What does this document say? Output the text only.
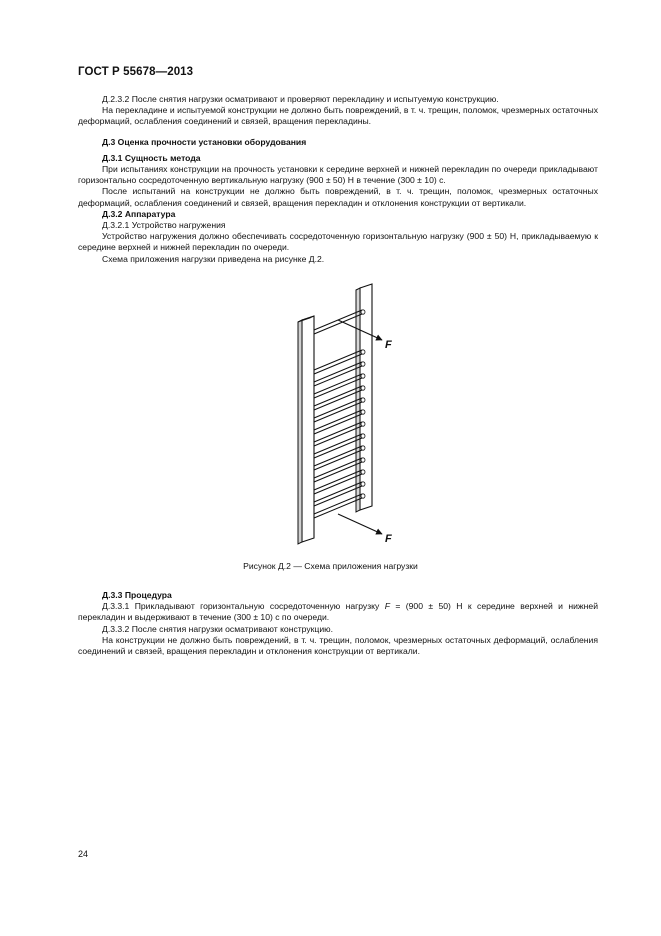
ГОСТ Р 55678—2013

Д.2.3.2 После снятия нагрузки осматривают и проверяют перекладину и испытуемую конструкцию.

На перекладине и испытуемой конструкции не должно быть повреждений, в т. ч. трещин, поломок, чрезмерных остаточных деформаций, ослабления соединений и связей, вращения перекладины.

Д.3 Оценка прочности установки оборудования

Д.3.1 Сущность метода

При испытаниях конструкции на прочность установки к середине верхней и нижней перекладин по очереди прикладывают горизонтально сосредоточенную вертикальную нагрузку (900 ± 50) Н в течение (300 ± 10) с.

После испытаний на конструкции не должно быть повреждений, в т. ч. трещин, поломок, чрезмерных остаточных деформаций, ослабления соединений и связей, вращения перекладин и отклонения конструкции от вертикали.

Д.3.2 Аппаратура

Д.3.2.1 Устройство нагружения

Устройство нагружения должно обеспечивать сосредоточенную горизонтальную нагрузку (900 ± 50) Н, прикладываемую к середине верхней и нижней перекладин по очереди.

Схема приложения нагрузки приведена на рисунке Д.2.

F
F
Рисунок Д.2 — Схема приложения нагрузки

Д.3.3 Процедура

Д.3.3.1 Прикладывают горизонтальную сосредоточенную нагрузку F = (900 ± 50) Н к середине верхней и нижней перекладин и выдерживают в течение (300 ± 10) с по очереди.

Д.3.3.2 После снятия нагрузки осматривают конструкцию.

На конструкции не должно быть повреждений, в т. ч. трещин, поломок, чрезмерных остаточных деформаций, ослабления соединений и связей, вращения перекладин и отклонения конструкции от вертикали.

24
